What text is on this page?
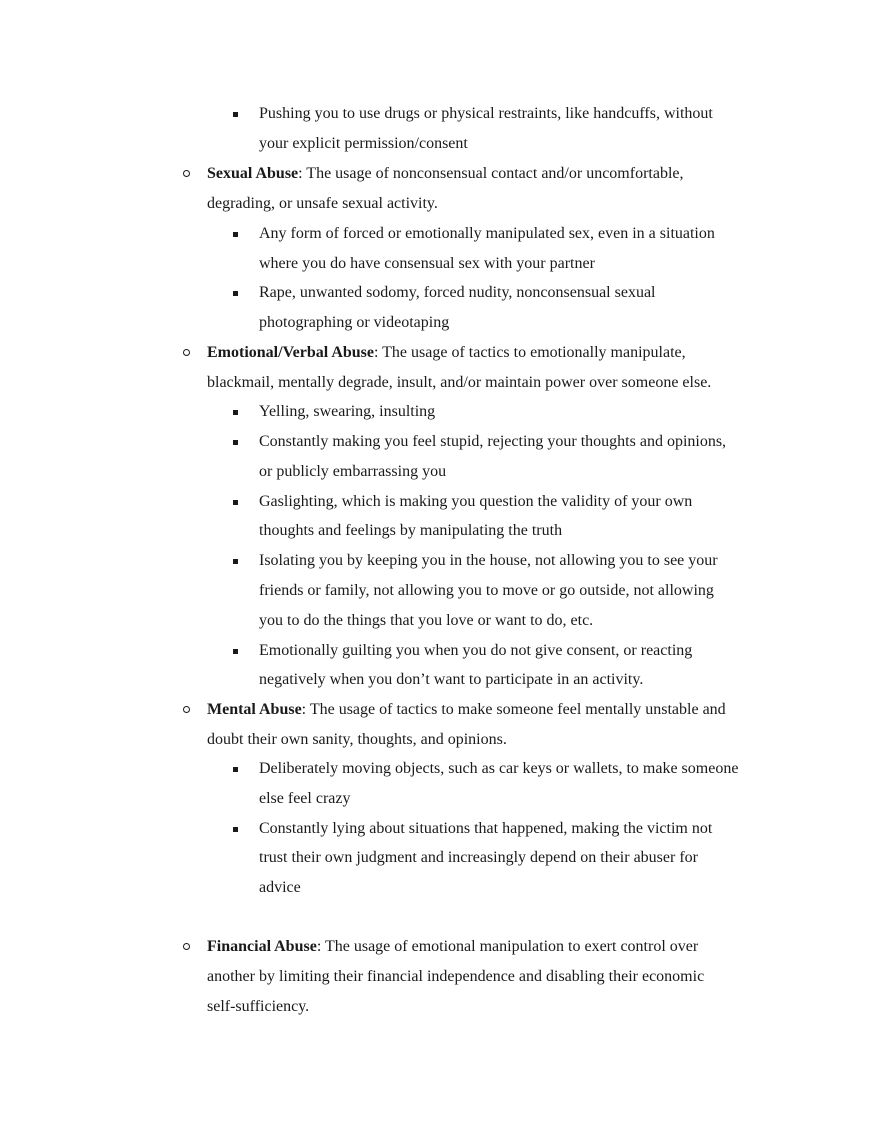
Pushing you to use drugs or physical restraints, like handcuffs, without
your explicit permission/consent
Sexual Abuse: The usage of nonconsensual contact and/or uncomfortable,
degrading, or unsafe sexual activity.
Any form of forced or emotionally manipulated sex, even in a situation
where you do have consensual sex with your partner
Rape, unwanted sodomy, forced nudity, nonconsensual sexual
photographing or videotaping
Emotional/Verbal Abuse: The usage of tactics to emotionally manipulate,
blackmail, mentally degrade, insult, and/or maintain power over someone else.
Yelling, swearing, insulting
Constantly making you feel stupid, rejecting your thoughts and opinions,
or publicly embarrassing you
Gaslighting, which is making you question the validity of your own
thoughts and feelings by manipulating the truth
Isolating you by keeping you in the house, not allowing you to see your
friends or family, not allowing you to move or go outside, not allowing
you to do the things that you love or want to do, etc.
Emotionally guilting you when you do not give consent, or reacting
negatively when you don’t want to participate in an activity.
Mental Abuse: The usage of tactics to make someone feel mentally unstable and
doubt their own sanity, thoughts, and opinions.
Deliberately moving objects, such as car keys or wallets, to make someone
else feel crazy
Constantly lying about situations that happened, making the victim not
trust their own judgment and increasingly depend on their abuser for
advice
Financial Abuse: The usage of emotional manipulation to exert control over
another by limiting their financial independence and disabling their economic
self-sufficiency.
